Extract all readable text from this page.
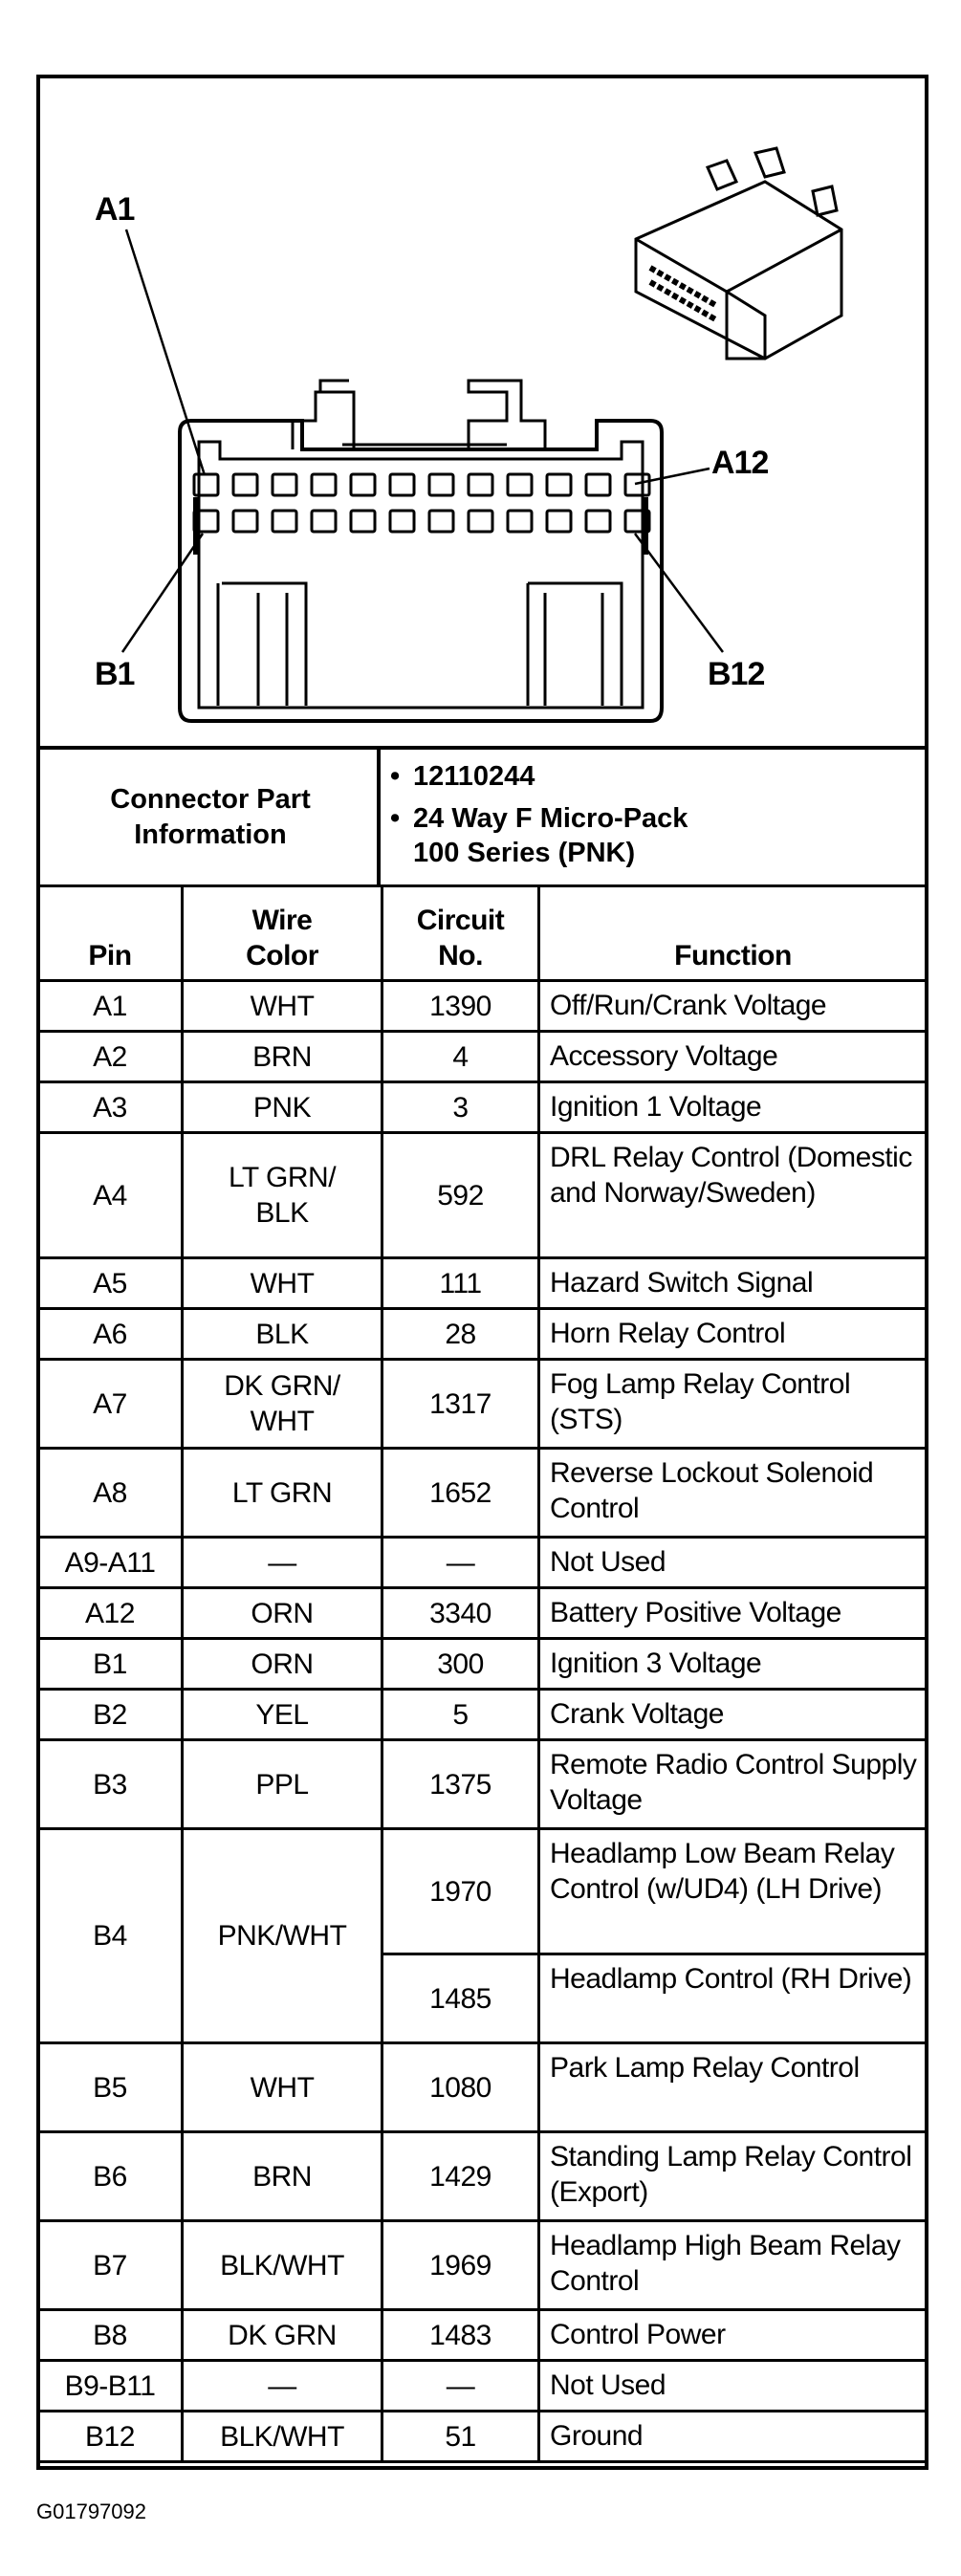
A1
A12
B1	B12
Connector Part
Information
• 12110244
• 24 Way F Micro-Pack
100 Series (PNK)
Pin	Wire Color	Circuit No.	Function
A1	WHT	1390	Off/Run/Crank Voltage
A2	BRN	4	Accessory Voltage
A3	PNK	3	Ignition 1 Voltage
A4	LT GRN/ BLK	592	DRL Relay Control (Domestic and Norway/Sweden)
A5	WHT	111	Hazard Switch Signal
A6	BLK	28	Horn Relay Control
A7	DK GRN/ WHT	1317	Fog Lamp Relay Control (STS)
A8	LT GRN	1652	Reverse Lockout Solenoid Control
A9-A11	—	—	Not Used
A12	ORN	3340	Battery Positive Voltage
B1	ORN	300	Ignition 3 Voltage
B2	YEL	5	Crank Voltage
B3	PPL	1375	Remote Radio Control Supply Voltage
B4	PNK/WHT	1970	Headlamp Low Beam Relay Control (w/UD4) (LH Drive)
		1485	Headlamp Control (RH Drive)
B5	WHT	1080	Park Lamp Relay Control
B6	BRN	1429	Standing Lamp Relay Control (Export)
B7	BLK/WHT	1969	Headlamp High Beam Relay Control
B8	DK GRN	1483	Control Power
B9-B11	—	—	Not Used
B12	BLK/WHT	51	Ground
G01797092
